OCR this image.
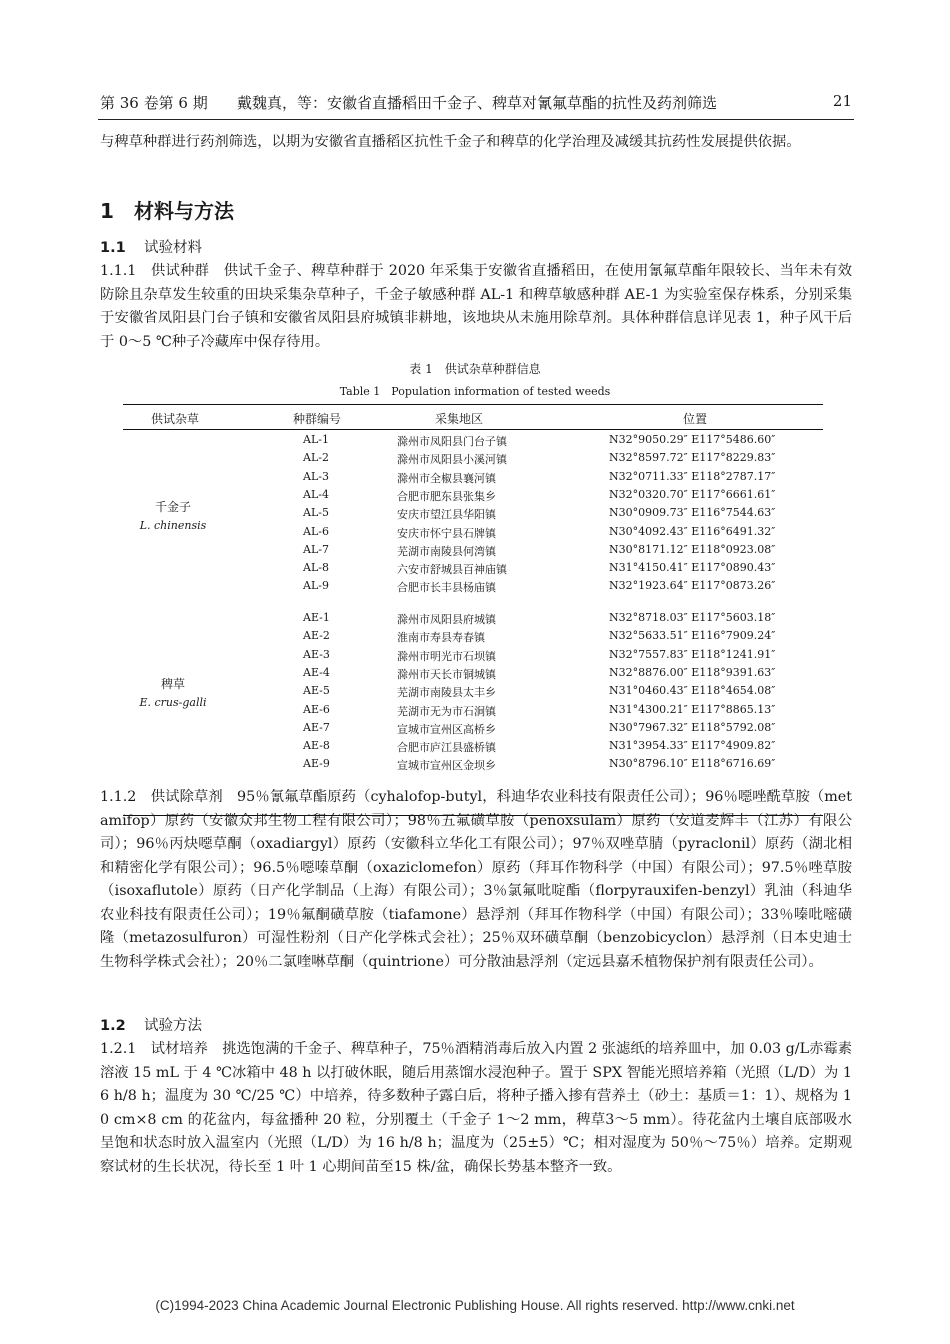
第 36 卷第 6 期 戴魏真，等：安徽省直播稻田千金子、稗草对氰氟草酯的抗性及药剂筛选	21
与稗草种群进行药剂筛选，以期为安徽省直播稻区抗性千金子和稗草的化学治理及减缓其抗药性发展提供依据。
1 材料与方法
1.1 试验材料
1.1.1  供试种群  供试千金子、稗草种群于 2020 年采集于安徽省直播稻田，在使用氰氟草酯年限较长、当年未有效防除且杂草发生较重的田块采集杂草种子，千金子敏感种群 AL-1 和稗草敏感种群 AE-1 为实验室保存株系，分别采集于安徽省凤阳县门台子镇和安徽省凤阳县府城镇非耕地，该地块从未施用除草剂。具体种群信息详见表 1，种子风干后于 0～5 ℃种子冷藏库中保存待用。
表 1　供试杂草种群信息
Table 1　Population information of tested weeds
供试杂草	种群编号	采集地区	位置
千金子
L. chinensis
稗草
E. crus-galli
AL-1	滁州市凤阳县门台子镇	N32°9050.29″ E117°5486.60″
AL-2	滁州市凤阳县小溪河镇	N32°8597.72″ E117°8229.83″
AL-3	滁州市全椒县襄河镇	N32°0711.33″ E118°2787.17″
AL-4	合肥市肥东县张集乡	N32°0320.70″ E117°6661.61″
AL-5	安庆市望江县华阳镇	N30°0909.73″ E116°7544.63″
AL-6	安庆市怀宁县石牌镇	N30°4092.43″ E116°6491.32″
AL-7	芜湖市南陵县何湾镇	N30°8171.12″ E118°0923.08″
AL-8	六安市舒城县百神庙镇	N31°4150.41″ E117°0890.43″
AL-9	合肥市长丰县杨庙镇	N32°1923.64″ E117°0873.26″
AE-1	滁州市凤阳县府城镇	N32°8718.03″ E117°5603.18″
AE-2	淮南市寿县寿春镇	N32°5633.51″ E116°7909.24″
AE-3	滁州市明光市石坝镇	N32°7557.83″ E118°1241.91″
AE-4	滁州市天长市铜城镇	N32°8876.00″ E118°9391.63″
AE-5	芜湖市南陵县太丰乡	N31°0460.43″ E118°4654.08″
AE-6	芜湖市无为市石涧镇	N31°4300.21″ E117°8865.13″
AE-7	宣城市宣州区高桥乡	N30°7967.32″ E118°5792.08″
AE-8	合肥市庐江县盛桥镇	N31°3954.33″ E117°4909.82″
AE-9	宣城市宣州区金坝乡	N30°8796.10″ E118°6716.69″
1.1.2  供试除草剂  95％氰氟草酯原药（cyhalofop-butyl，科迪华农业科技有限责任公司）；96％噁唑酰草胺（metamifop）原药（安徽众邦生物工程有限公司）；98％五氟磺草胺（penoxsulam）原药（安道麦辉丰（江苏）有限公司）；96％丙炔噁草酮（oxadiargyl）原药（安徽科立华化工有限公司）；97％双唑草腈（pyraclonil）原药（湖北相和精密化学有限公司）；96.5％噁嗪草酮（oxaziclomefon）原药（拜耳作物科学（中国）有限公司）；97.5％唑草胺（isoxaflutole）原药（日产化学制品（上海）有限公司）；3％氯氟吡啶酯（florpyrauxifen-benzyl）乳油（科迪华农业科技有限责任公司）；19％氟酮磺草胺（tiafamone）悬浮剂（拜耳作物科学（中国）有限公司）；33％嗪吡嘧磺隆（metazosulfuron）可湿性粉剂（日产化学株式会社）；25％双环磺草酮（benzobicyclon）悬浮剂（日本史迪士生物科学株式会社）；20％二氯喹啉草酮（quintrione）可分散油悬浮剂（定远县嘉禾植物保护剂有限责任公司）。
1.2 试验方法
1.2.1  试材培养  挑选饱满的千金子、稗草种子，75％酒精消毒后放入内置 2 张滤纸的培养皿中，加 0.03 g/L赤霉素溶液 15 mL 于 4 ℃冰箱中 48 h 以打破休眠，随后用蒸馏水浸泡种子。置于 SPX 智能光照培养箱（光照（L/D）为 16 h/8 h；温度为 30 ℃/25 ℃）中培养，待多数种子露白后，将种子播入掺有营养土（砂土：基质＝1：1）、规格为 10 cm×8 cm 的花盆内，每盆播种 20 粒，分别覆土（千金子 1～2 mm，稗草3～5 mm）。待花盆内土壤自底部吸水呈饱和状态时放入温室内（光照（L/D）为 16 h/8 h；温度为（25±5）℃；相对湿度为 50％～75％）培养。定期观察试材的生长状况，待长至 1 叶 1 心期间苗至15 株/盆，确保长势基本整齐一致。
(C)1994-2023 China Academic Journal Electronic Publishing House. All rights reserved. http://www.cnki.net
